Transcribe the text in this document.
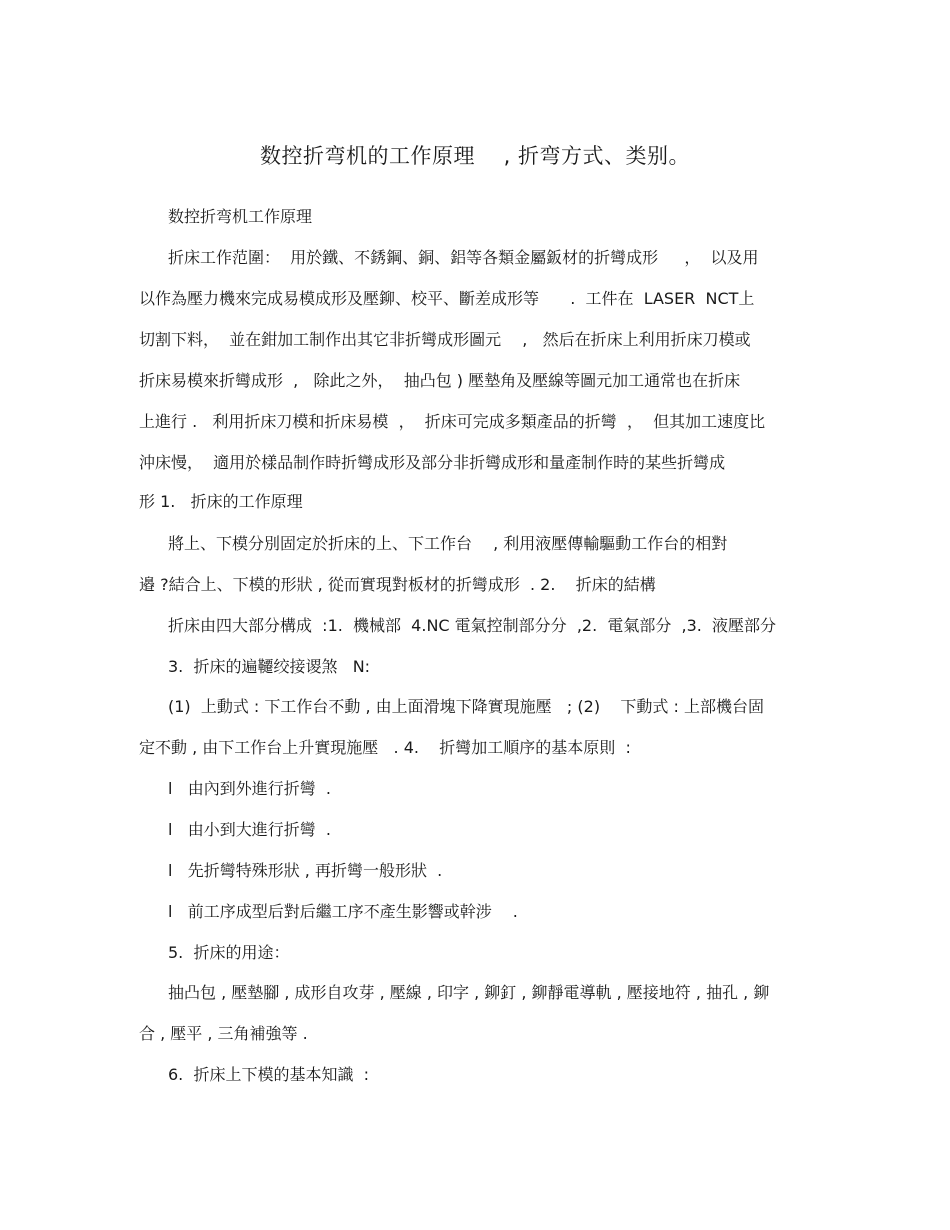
数控折弯机的工作原理　 , 折弯方式、类别。
数控折弯机工作原理
折床工作范圍：  用於鐵、不銹鋼、銅、鋁等各類金屬鈑材的折彎成形　  ，  以及用
以作為壓力機來完成易模成形及壓鉚、校平、斷差成形等　   .  工件在  LASER  NCT上
切割下料，  並在鉗加工制作出其它非折彎成形圖元　 ,   然后在折床上利用折床刀模或
折床易模來折彎成形  ,   除此之外，  抽凸包 ) 壓墊角及壓線等圖元加工通常也在折床
上進行 .   利用折床刀模和折床易模  ，  折床可完成多類產品的折彎  ，  但其加工速度比
沖床慢，  適用於樣品制作時折彎成形及部分非折彎成形和量產制作時的某些折彎成
形 1.   折床的工作原理
將上、下模分別固定於折床的上、下工作台　 , 利用液壓傳輸驅動工作台的相對
邉 ?結合上、下模的形狀 , 從而實現對板材的折彎成形  . 2.    折床的結構
折床由四大部分構成  :1.  機械部  4.NC 電氣控制部分分  ,2.  電氣部分  ,3.  液壓部分
3.  折床的遍韆绞接谡煞   N:
(1)  上動式 : 下工作台不動 , 由上面滑塊下降實現施壓   ; (2)    下動式 : 上部機台固
定不動 , 由下工作台上升實現施壓   . 4.    折彎加工順序的基本原則  :
l   由內到外進行折彎  .
l   由小到大進行折彎  .
l   先折彎特殊形狀 , 再折彎一般形狀  .
l   前工序成型后對后繼工序不產生影響或幹涉　 .
5.  折床的用途：
抽凸包 , 壓墊腳 , 成形自攻芽 , 壓線 , 印字 , 鉚釘 , 鉚靜電導軌 , 壓接地符 , 抽孔 , 鉚
合 , 壓平 , 三角補強等 .
6.  折床上下模的基本知識  :
